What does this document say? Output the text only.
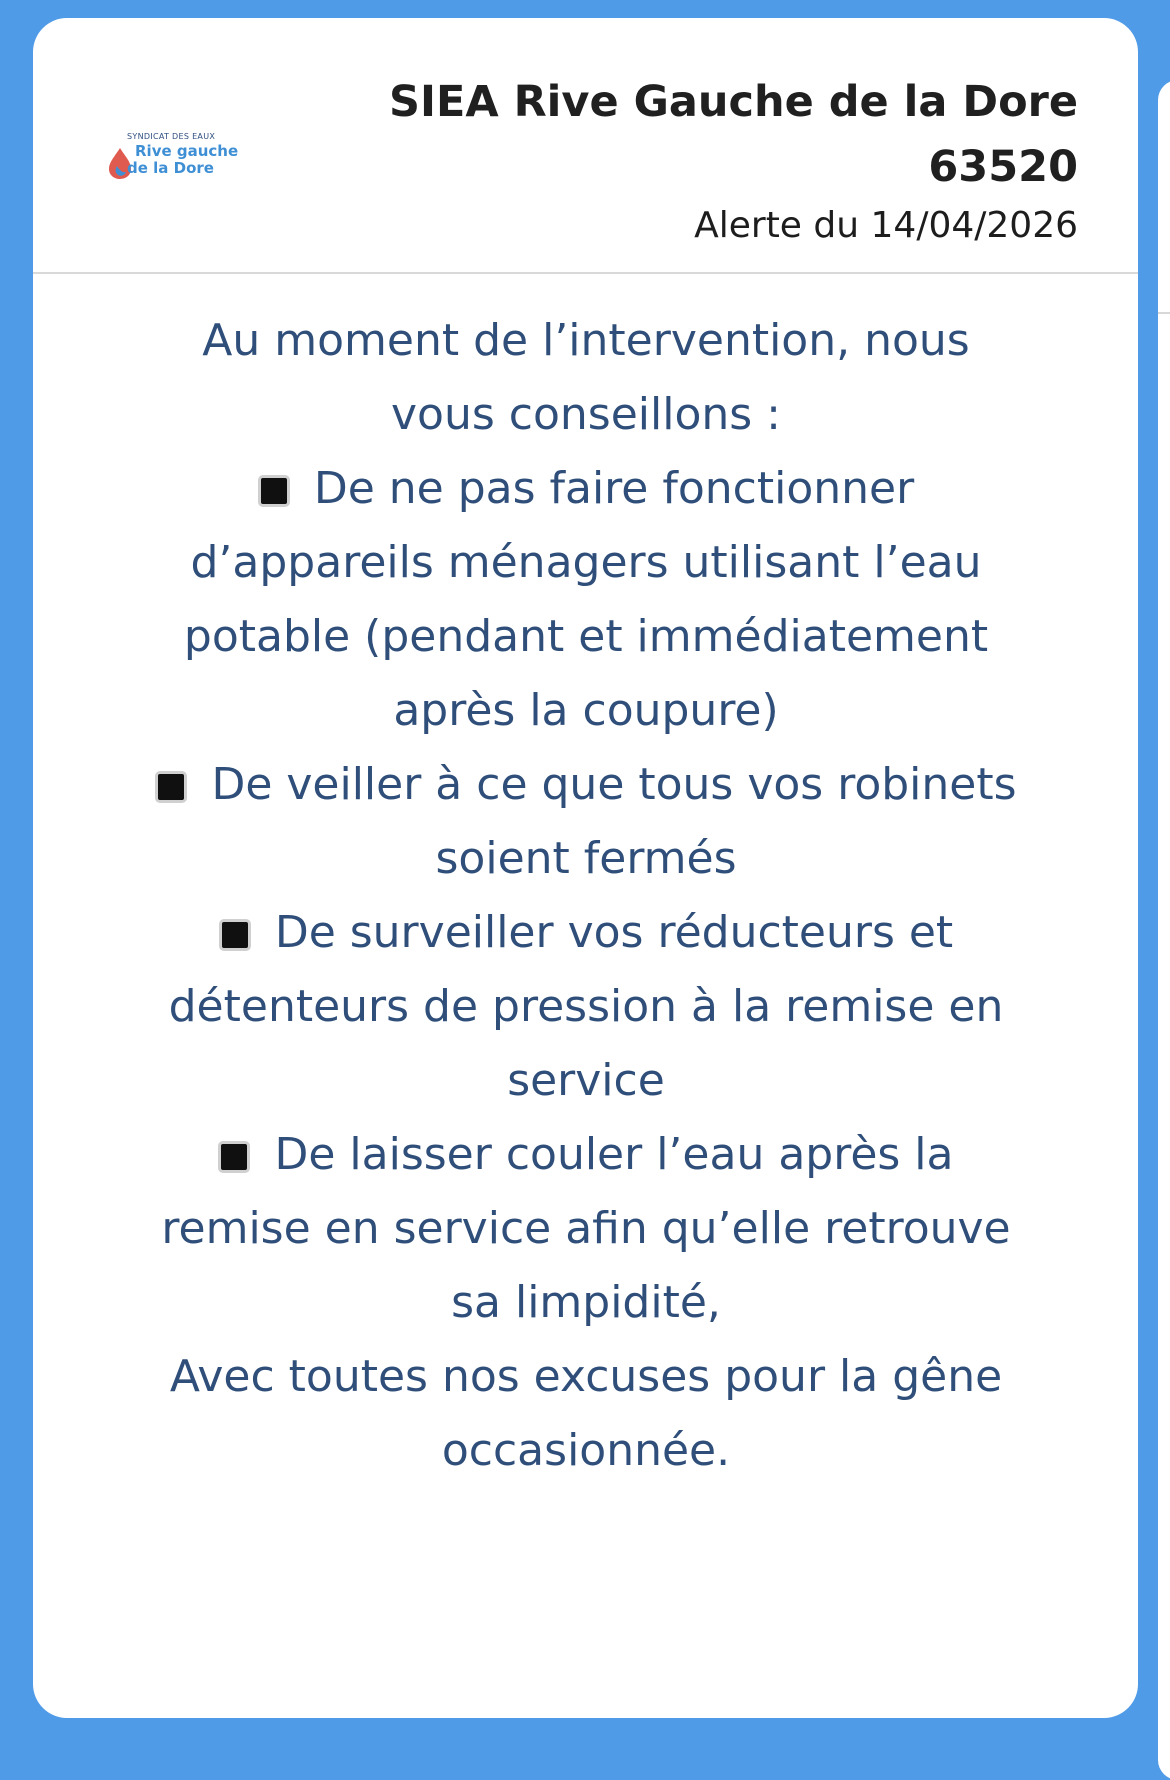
SYNDICAT DES EAUX
Rive gauche
de la Dore
SIEA Rive Gauche de la Dore
63520
Alerte du 14/04/2026

Au moment de l’intervention, nous

vous conseillons :

De ne pas faire fonctionner

d’appareils ménagers utilisant l’eau

potable (pendant et immédiatement

après la coupure)

De veiller à ce que tous vos robinets

soient fermés

De surveiller vos réducteurs et

détenteurs de pression à la remise en

service

De laisser couler l’eau après la

remise en service afin qu’elle retrouve

sa limpidité,

Avec toutes nos excuses pour la gêne

occasionnée.
